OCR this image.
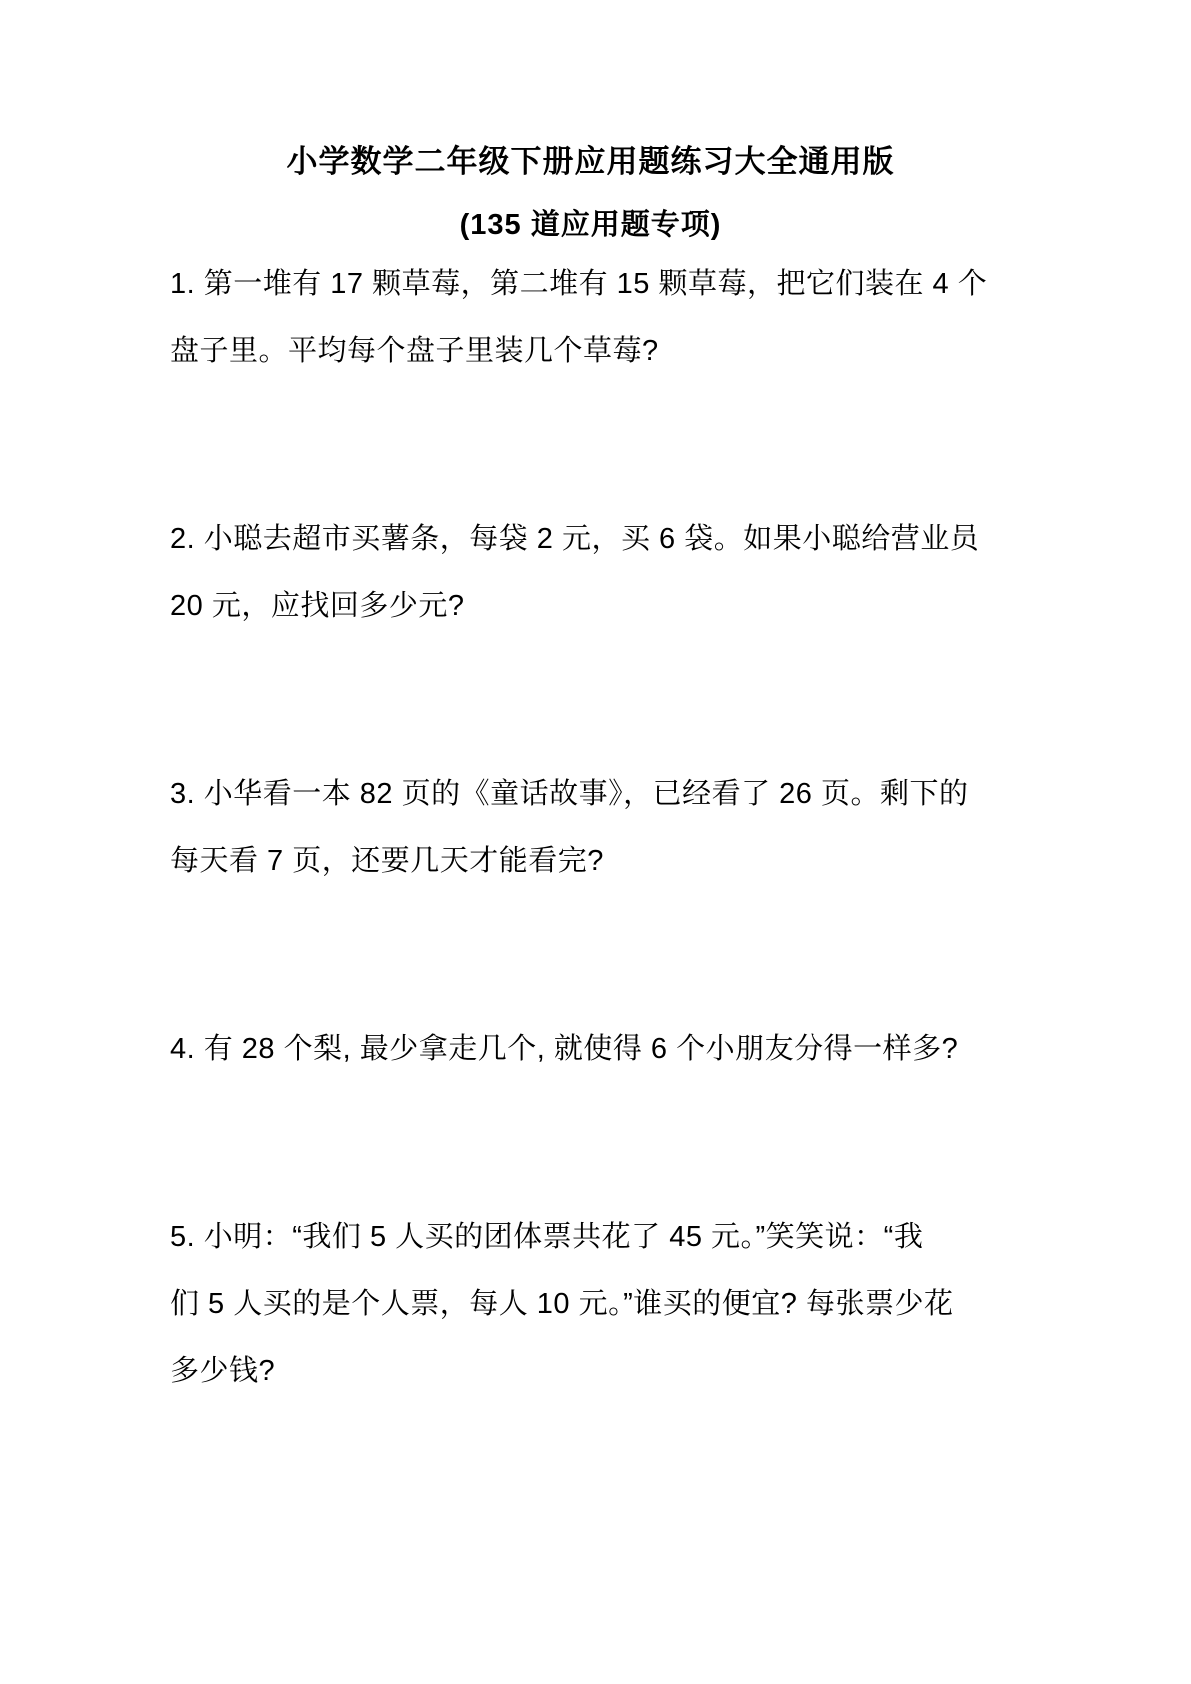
小学数学二年级下册应用题练习大全通用版
(135 道应用题专项)
1. 第一堆有 17 颗草莓，第二堆有 15 颗草莓，把它们装在 4 个
盘子里。平均每个盘子里装几个草莓?
2. 小聪去超市买薯条，每袋 2 元，买 6 袋。如果小聪给营业员
20 元，应找回多少元?
3. 小华看一本 82 页的《童话故事》，已经看了 26 页。剩下的
每天看 7 页，还要几天才能看完?
4. 有 28 个梨, 最少拿走几个, 就使得 6 个小朋友分得一样多?
5. 小明：“我们 5 人买的团体票共花了 45 元。”笑笑说：“我
们 5 人买的是个人票，每人 10 元。”谁买的便宜? 每张票少花
多少钱?
